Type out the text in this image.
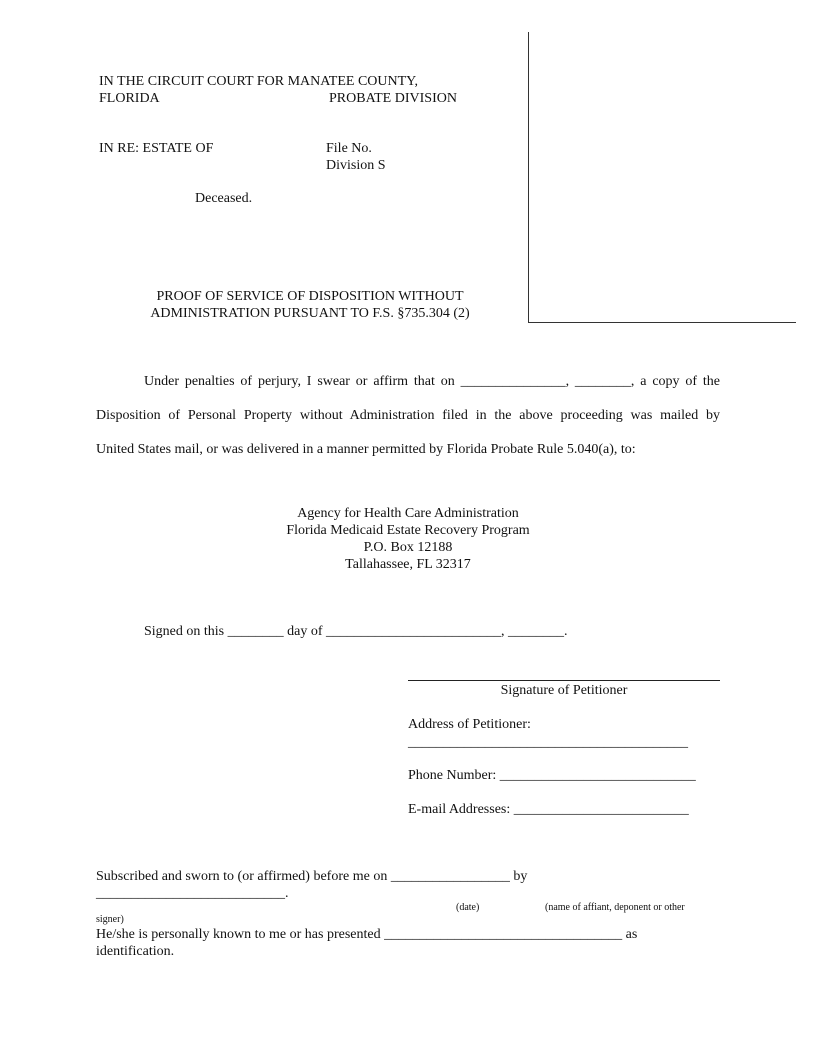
IN THE CIRCUIT COURT FOR MANATEE COUNTY,
FLORIDA	PROBATE DIVISION
IN RE: ESTATE OF	File No.
Division S
Deceased.
PROOF OF SERVICE OF DISPOSITION WITHOUT
ADMINISTRATION PURSUANT TO F.S. §735.304 (2)
Under penalties of perjury, I swear or affirm that on _______________, ________, a copy of the
Disposition of Personal Property without Administration filed in the above proceeding was mailed by
United States mail, or was delivered in a manner permitted by Florida Probate Rule 5.040(a), to:
Agency for Health Care Administration
Florida Medicaid Estate Recovery Program
P.O. Box 12188
Tallahassee, FL 32317
Signed on this ________ day of _________________________, ________.
Signature of Petitioner
Address of Petitioner:
________________________________________
Phone Number: ____________________________
E-mail Addresses: _________________________
Subscribed and sworn to (or affirmed) before me on _________________ by
___________________________.
(date)	(name of affiant, deponent or other
signer)
He/she is personally known to me or has presented __________________________________ as
identification.
